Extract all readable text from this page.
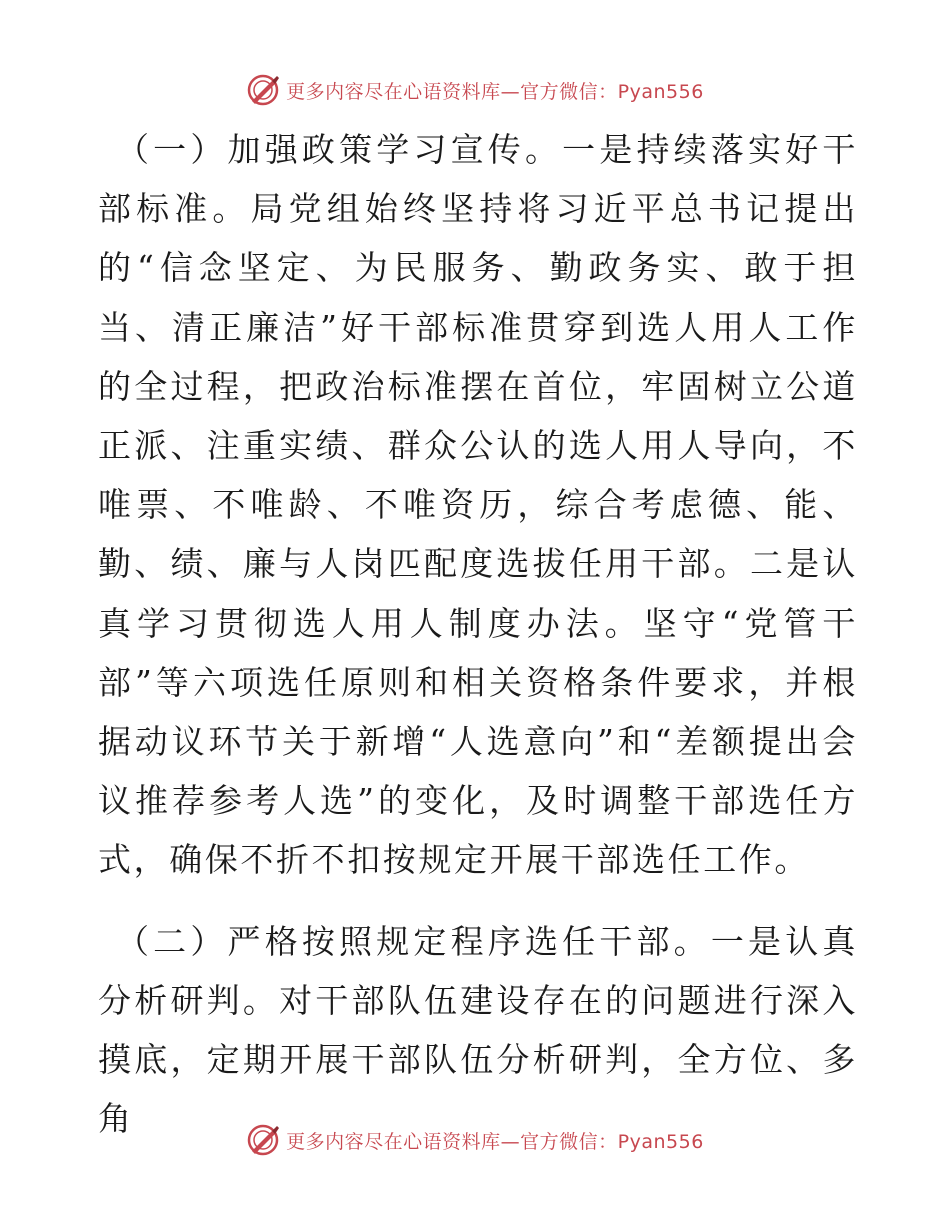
更多内容尽在心语资料库—官方微信：Pyan556

（一）加强政策学习宣传。一是持续落实好干部标准。局党组始终坚持将习近平总书记提出的“信念坚定、为民服务、勤政务实、敢于担当、清正廉洁”好干部标准贯穿到选人用人工作的全过程，把政治标准摆在首位，牢固树立公道正派、注重实绩、群众公认的选人用人导向，不唯票、不唯龄、不唯资历，综合考虑德、能、勤、绩、廉与人岗匹配度选拔任用干部。二是认真学习贯彻选人用人制度办法。坚守“党管干部”等六项选任原则和相关资格条件要求，并根据动议环节关于新增“人选意向”和“差额提出会议推荐参考人选”的变化，及时调整干部选任方式，确保不折不扣按规定开展干部选任工作。

（二）严格按照规定程序选任干部。一是认真分析研判。对干部队伍建设存在的问题进行深入摸底，定期开展干部队伍分析研判，全方位、多角

更多内容尽在心语资料库—官方微信：Pyan556
